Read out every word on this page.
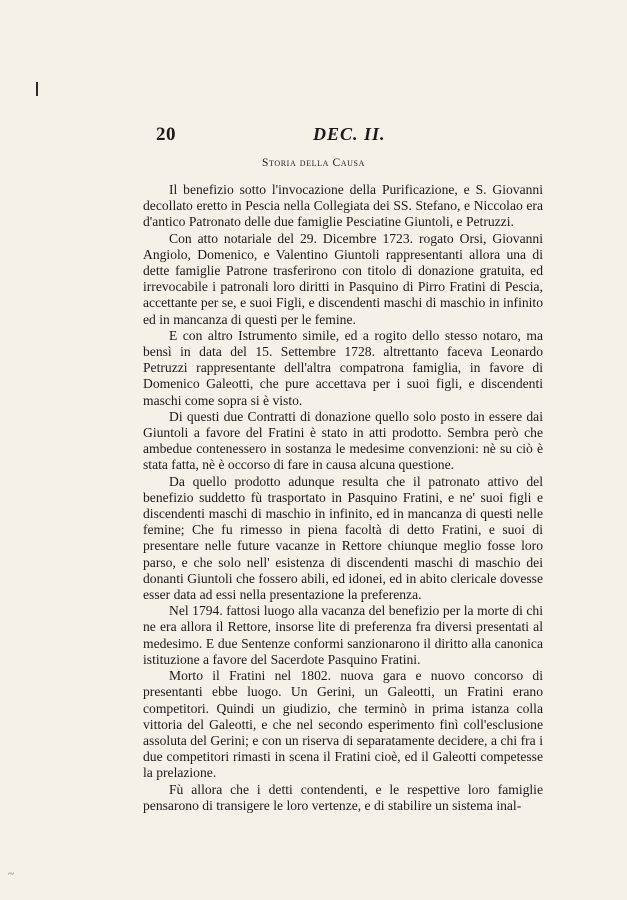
20	DEC. II.
Storia della Causa

Il benefizio sotto l'invocazione della Purificazione, e S. Giovanni decollato eretto in Pescia nella Collegiata dei SS. Stefano, e Niccolao era d'antico Patronato delle due famiglie Pesciatine Giuntoli, e Petruzzi.

Con atto notariale del 29. Dicembre 1723. rogato Orsi, Giovanni Angiolo, Domenico, e Valentino Giuntoli rappresentanti allora una di dette famiglie Patrone trasferirono con titolo di donazione gratuita, ed irrevocabile i patronali loro diritti in Pasquino di Pirro Fratini di Pescia, accettante per se, e suoi Figli, e discendenti maschi di maschio in infinito ed in mancanza di questi per le femine.

E con altro Istrumento simile, ed a rogito dello stesso notaro, ma bensì in data del 15. Settembre 1728. altrettanto faceva Leonardo Petruzzi rappresentante dell'altra compatrona famiglia, in favore di Domenico Galeotti, che pure accettava per i suoi figli, e discendenti maschi come sopra si è visto.

Di questi due Contratti di donazione quello solo posto in essere dai Giuntoli a favore del Fratini è stato in atti prodotto. Sembra però che ambedue contenessero in sostanza le medesime convenzioni: nè su ciò è stata fatta, nè è occorso di fare in causa alcuna questione.

Da quello prodotto adunque resulta che il patronato attivo del benefizio suddetto fù trasportato in Pasquino Fratini, e ne' suoi figli e discendenti maschi di maschio in infinito, ed in mancanza di questi nelle femine; Che fu rimesso in piena facoltà di detto Fratini, e suoi di presentare nelle future vacanze in Rettore chiunque meglio fosse loro parso, e che solo nell' esistenza di discendenti maschi di maschio dei donanti Giuntoli che fossero abili, ed idonei, ed in abito clericale dovesse esser data ad essi nella presentazione la preferenza.

Nel 1794. fattosi luogo alla vacanza del benefizio per la morte di chi ne era allora il Rettore, insorse lite di preferenza fra diversi presentati al medesimo. E due Sentenze conformi sanzionarono il diritto alla canonica istituzione a favore del Sacerdote Pasquino Fratini.

Morto il Fratini nel 1802. nuova gara e nuovo concorso di presentanti ebbe luogo. Un Gerini, un Galeotti, un Fratini erano competitori. Quindi un giudizio, che terminò in prima istanza colla vittoria del Galeotti, e che nel secondo esperimento finì coll'esclusione assoluta del Gerini; e con un riserva di separatamente decidere, a chi fra i due competitori rimasti in scena il Fratini cioè, ed il Galeotti competesse la prelazione.

Fù allora che i detti contendenti, e le respettive loro famiglie pensarono di transigere le loro vertenze, e di stabilire un sistema inal-

~
